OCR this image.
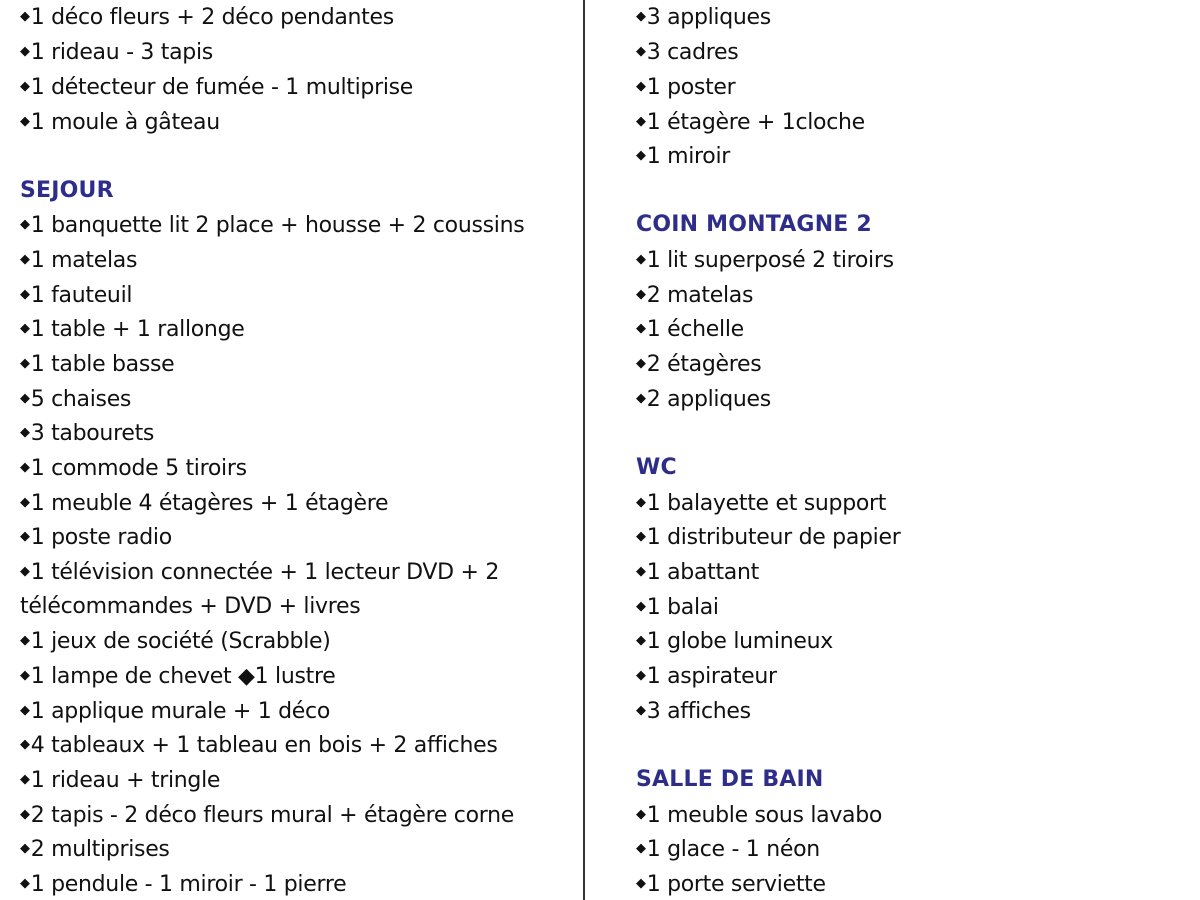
◆1 déco fleurs + 2 déco pendantes
◆1 rideau - 3 tapis
◆1 détecteur de fumée - 1 multiprise
◆1 moule à gâteau
SEJOUR
◆1 banquette lit 2 place + housse + 2 coussins
◆1 matelas
◆1 fauteuil
◆1 table + 1 rallonge
◆1 table basse
◆5 chaises
◆3 tabourets
◆1 commode 5 tiroirs
◆1 meuble 4 étagères + 1 étagère
◆1 poste radio
◆1 télévision connectée + 1 lecteur DVD + 2
télécommandes + DVD + livres
◆1 jeux de société (Scrabble)
◆1 lampe de chevet ◆1 lustre
◆1 applique murale + 1 déco
◆4 tableaux + 1 tableau en bois + 2 affiches
◆1 rideau + tringle
◆2 tapis - 2 déco fleurs mural + étagère corne
◆2 multiprises
◆1 pendule - 1 miroir - 1 pierre
◆3 appliques
◆3 cadres
◆1 poster
◆1 étagère + 1cloche
◆1 miroir
COIN MONTAGNE 2
◆1 lit superposé 2 tiroirs
◆2 matelas
◆1 échelle
◆2 étagères
◆2 appliques
WC
◆1 balayette et support
◆1 distributeur de papier
◆1 abattant
◆1 balai
◆1 globe lumineux
◆1 aspirateur
◆3 affiches
SALLE DE BAIN
◆1 meuble sous lavabo
◆1 glace - 1 néon
◆1 porte serviette
